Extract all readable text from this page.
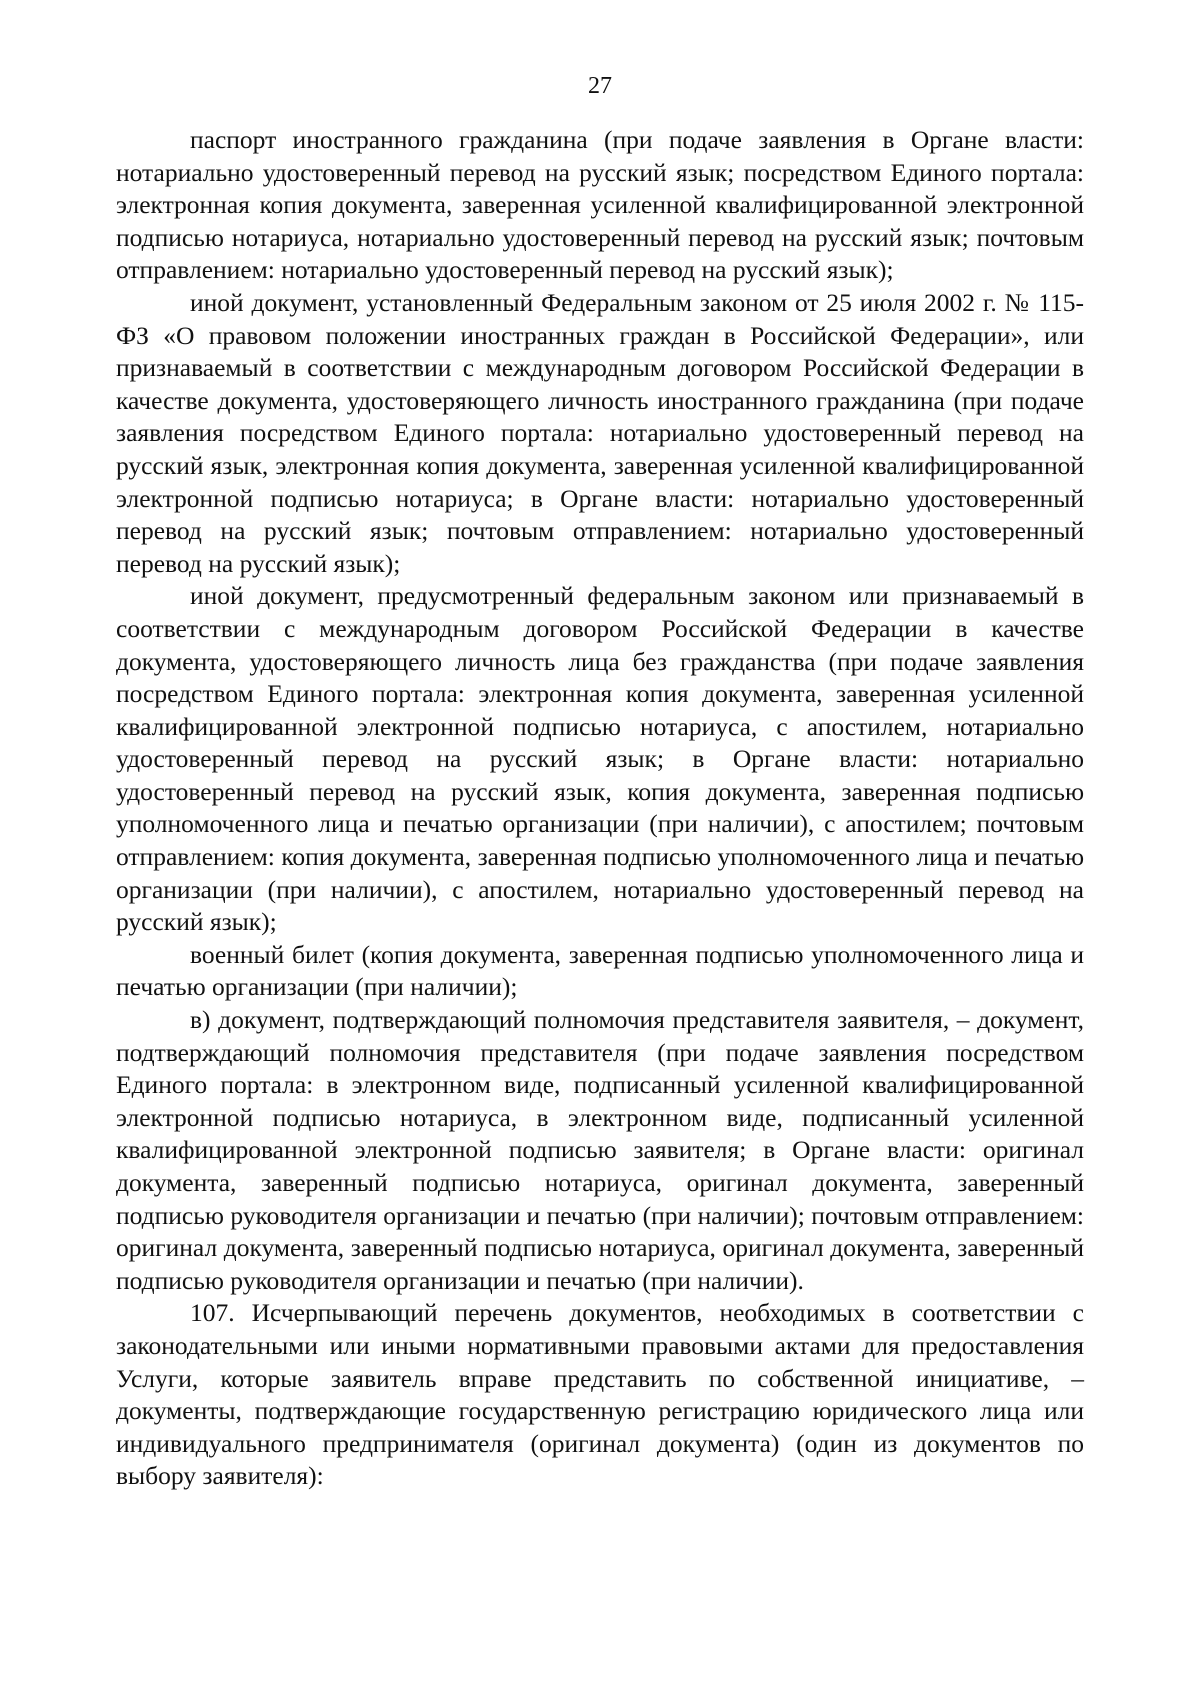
27

паспорт иностранного гражданина (при подаче заявления в Органе власти: нотариально удостоверенный перевод на русский язык; посредством Единого портала: электронная копия документа, заверенная усиленной квалифицированной электронной подписью нотариуса, нотариально удостоверенный перевод на русский язык; почтовым отправлением: нотариально удостоверенный перевод на русский язык);

иной документ, установленный Федеральным законом от 25 июля 2002 г. № 115-ФЗ «О правовом положении иностранных граждан в Российской Федерации», или признаваемый в соответствии с международным договором Российской Федерации в качестве документа, удостоверяющего личность иностранного гражданина (при подаче заявления посредством Единого портала: нотариально удостоверенный перевод на русский язык, электронная копия документа, заверенная усиленной квалифицированной электронной подписью нотариуса; в Органе власти: нотариально удостоверенный перевод на русский язык; почтовым отправлением: нотариально удостоверенный перевод на русский язык);

иной документ, предусмотренный федеральным законом или признаваемый в соответствии с международным договором Российской Федерации в качестве документа, удостоверяющего личность лица без гражданства (при подаче заявления посредством Единого портала: электронная копия документа, заверенная усиленной квалифицированной электронной подписью нотариуса, с апостилем, нотариально удостоверенный перевод на русский язык; в Органе власти: нотариально удостоверенный перевод на русский язык, копия документа, заверенная подписью уполномоченного лица и печатью организации (при наличии), с апостилем; почтовым отправлением: копия документа, заверенная подписью уполномоченного лица и печатью организации (при наличии), с апостилем, нотариально удостоверенный перевод на русский язык);

военный билет (копия документа, заверенная подписью уполномоченного лица и печатью организации (при наличии);

в) документ, подтверждающий полномочия представителя заявителя, – документ, подтверждающий полномочия представителя (при подаче заявления посредством Единого портала: в электронном виде, подписанный усиленной квалифицированной электронной подписью нотариуса, в электронном виде, подписанный усиленной квалифицированной электронной подписью заявителя; в Органе власти: оригинал документа, заверенный подписью нотариуса, оригинал документа, заверенный подписью руководителя организации и печатью (при наличии); почтовым отправлением: оригинал документа, заверенный подписью нотариуса, оригинал документа, заверенный подписью руководителя организации и печатью (при наличии).

107. Исчерпывающий перечень документов, необходимых в соответствии с законодательными или иными нормативными правовыми актами для предоставления Услуги, которые заявитель вправе представить по собственной инициативе, – документы, подтверждающие государственную регистрацию юридического лица или индивидуального предпринимателя (оригинал документа) (один из документов по выбору заявителя):
